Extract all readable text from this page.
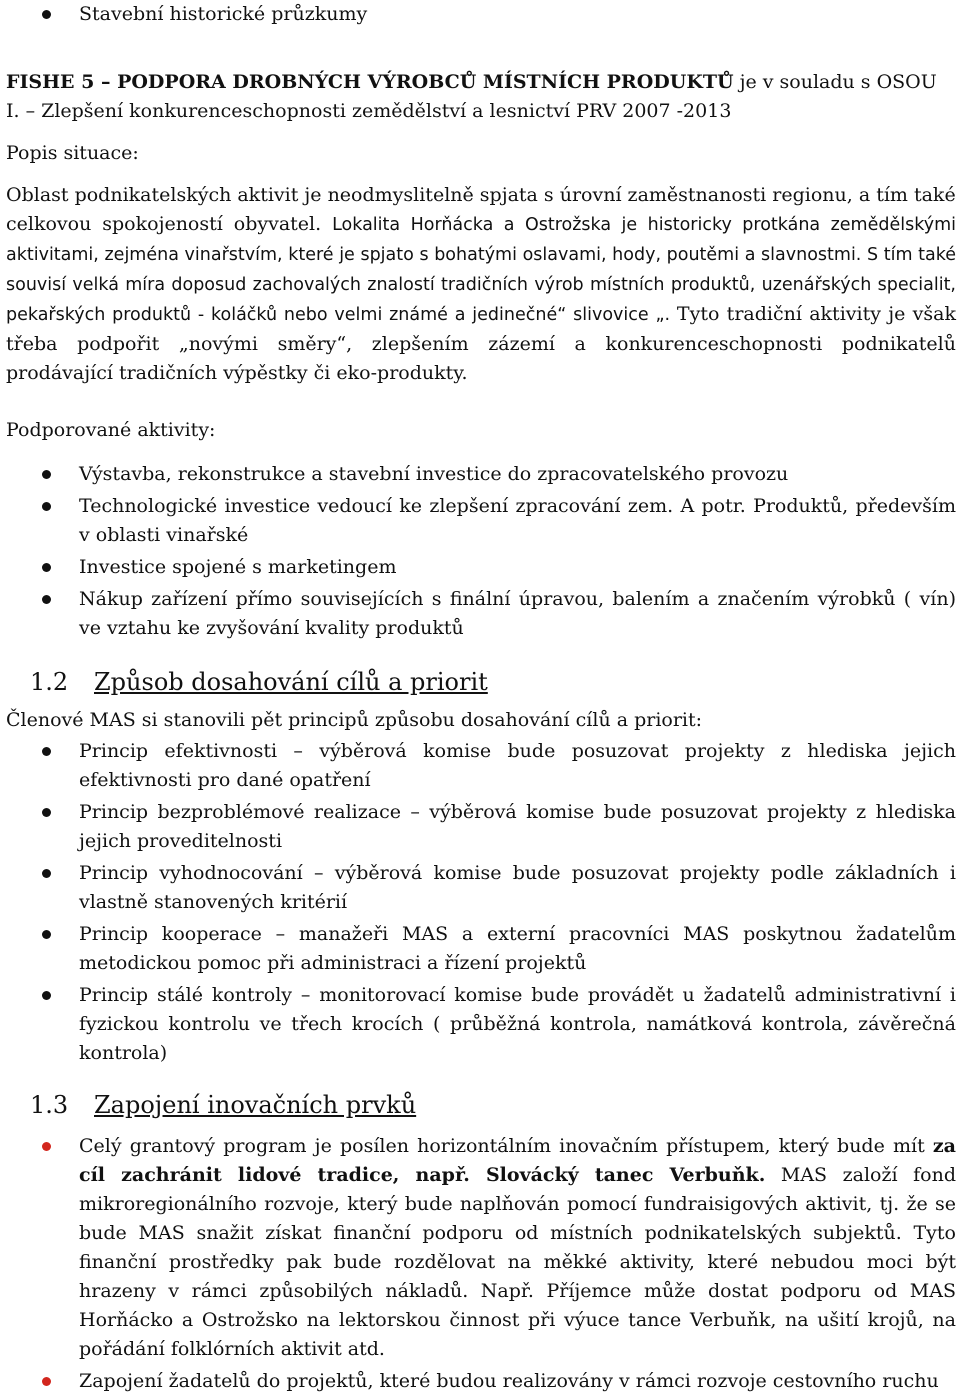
Stavební historické průzkumy
FISHE 5 – PODPORA DROBNÝCH VÝROBCŮ MÍSTNÍCH PRODUKTŮ je v souladu s OSOU I. – Zlepšení konkurenceschopnosti zemědělství a lesnictví PRV 2007 -2013
Popis situace:
Oblast podnikatelských aktivit je neodmyslitelně spjata s úrovní zaměstnanosti regionu, a tím také
celkovou spokojeností obyvatel. Lokalita Horňácka a Ostrožska je historicky protkána zemědělskými aktivitami, zejména vinařstvím, které je spjato s bohatými oslavami, hody, poutěmi a slavnostmi. S tím také souvisí velká míra doposud zachovalých znalostí tradičních výrob místních produktů, uzenářských specialit, pekařských produktů - koláčků nebo velmi známé a jedinečné“ slivovice „. Tyto tradiční aktivity je však třeba podpořit „novými směry“, zlepšením zázemí a konkurenceschopnosti podnikatelů prodávající tradičních výpěstky či eko-produkty.
Podporované aktivity:
Výstavba, rekonstrukce a stavební investice do zpracovatelského provozu
Technologické investice vedoucí ke zlepšení zpracování zem. A potr. Produktů, především v oblasti vinařské
Investice spojené s marketingem
Nákup zařízení přímo souvisejících s finální úpravou, balením a značením výrobků ( vín) ve vztahu ke zvyšování kvality produktů
1.2 Způsob dosahování cílů a priorit
Členové MAS si stanovili pět principů způsobu dosahování cílů a priorit:
Princip efektivnosti – výběrová komise bude posuzovat projekty z hlediska jejich efektivnosti pro dané opatření
Princip bezproblémové realizace – výběrová komise bude posuzovat projekty z hlediska jejich proveditelnosti
Princip vyhodnocování – výběrová komise bude posuzovat projekty podle základních i vlastně stanovených kritérií
Princip kooperace – manažeři MAS a externí pracovníci MAS poskytnou žadatelům metodickou pomoc při administraci a řízení projektů
Princip stálé kontroly – monitorovací komise bude provádět u žadatelů administrativní i fyzickou kontrolu ve třech krocích ( průběžná kontrola, namátková kontrola, závěrečná kontrola)
1.3 Zapojení inovačních prvků
Celý grantový program je posílen horizontálním inovačním přístupem, který bude mít za cíl zachránit lidové tradice, např. Slovácký tanec Verbuňk. MAS založí fond mikroregionálního rozvoje, který bude naplňován pomocí fundraisigových aktivit, tj. že se bude MAS snažit získat finanční podporu od místních podnikatelských subjektů. Tyto finanční prostředky pak bude rozdělovat na měkké aktivity, které nebudou moci být hrazeny v rámci způsobilých nákladů. Např. Příjemce může dostat podporu od MAS Horňácko a Ostrožsko na lektorskou činnost při výuce tance Verbuňk, na ušití krojů, na pořádání folklórních aktivit atd.
Zapojení žadatelů do projektů, které budou realizovány v rámci rozvoje cestovního ruchu
